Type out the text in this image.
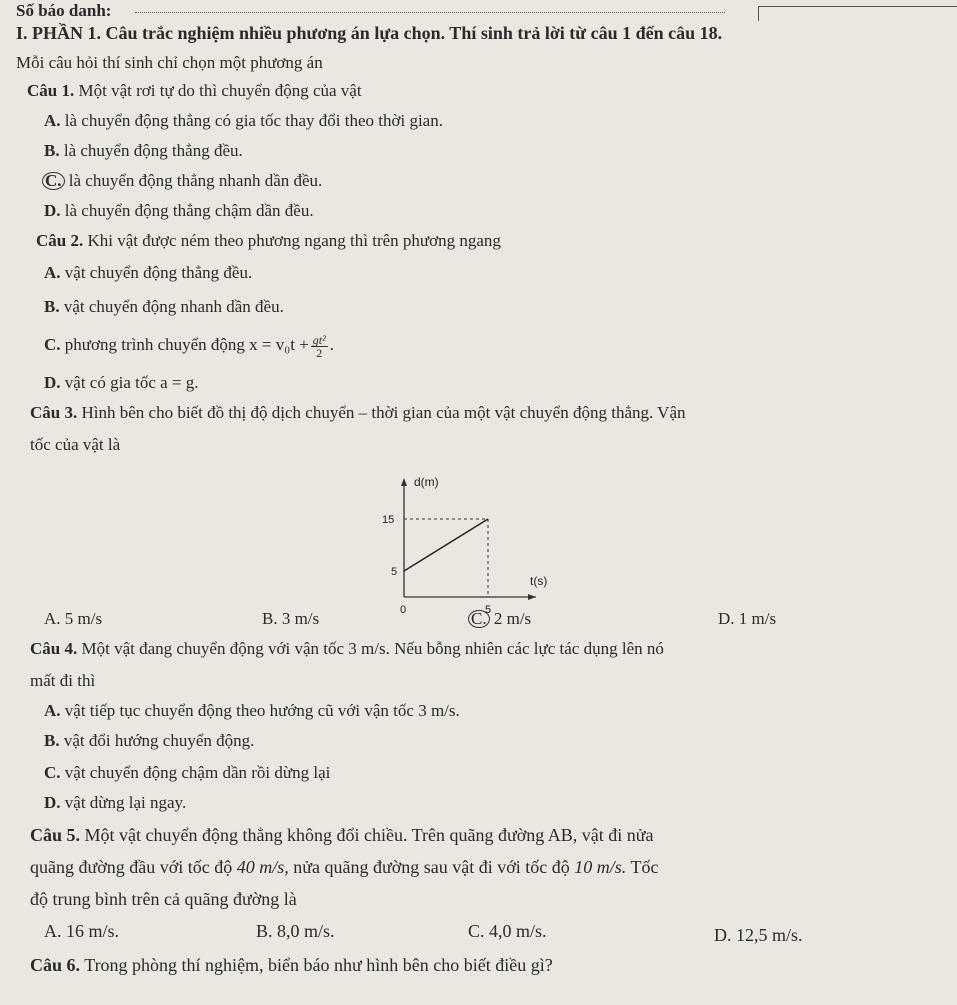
Số báo danh:
I. PHẦN 1. Câu trắc nghiệm nhiều phương án lựa chọn. Thí sinh trả lời từ câu 1 đến câu 18.
Mỗi câu hỏi thí sinh chỉ chọn một phương án
Câu 1. Một vật rơi tự do thì chuyển động của vật
A. là chuyển động thẳng có gia tốc thay đổi theo thời gian.
B. là chuyển động thẳng đều.
C. là chuyển động thẳng nhanh dần đều.
D. là chuyển động thẳng chậm dần đều.
Câu 2. Khi vật được ném theo phương ngang thì trên phương ngang
A. vật chuyển động thẳng đều.
B. vật chuyển động nhanh dần đều.
C. phương trình chuyển động $x = v_0t + \frac{\text{gt²}}{2}$ .
D. vật có gia tốc a = g.
Câu 3. Hình bên cho biết đồ thị độ dịch chuyển – thời gian của một vật chuyển động thẳng. Vận
tốc của vật là
d(m)
t(s)
0	5
5
15
A. 5 m/s	B. 3 m/s	C. 2 m/s	D. 1 m/s
Câu 4. Một vật đang chuyển động với vận tốc 3 m/s. Nếu bỗng nhiên các lực tác dụng lên nó
mất đi thì
A. vật tiếp tục chuyển động theo hướng cũ với vận tốc 3 m/s.
B. vật đổi hướng chuyển động.
C. vật chuyển động chậm dần rồi dừng lại
D. vật dừng lại ngay.
Câu 5. Một vật chuyển động thẳng không đổi chiều. Trên quãng đường AB, vật đi nửa
quãng đường đầu với tốc độ 40 m/s, nửa quãng đường sau vật đi với tốc độ 10 m/s. Tốc
độ trung bình trên cả quãng đường là
A. 16 m/s.	B. 8,0 m/s.	C. 4,0 m/s.	D. 12,5 m/s.
Câu 6. Trong phòng thí nghiệm, biển báo như hình bên cho biết điều gì?
